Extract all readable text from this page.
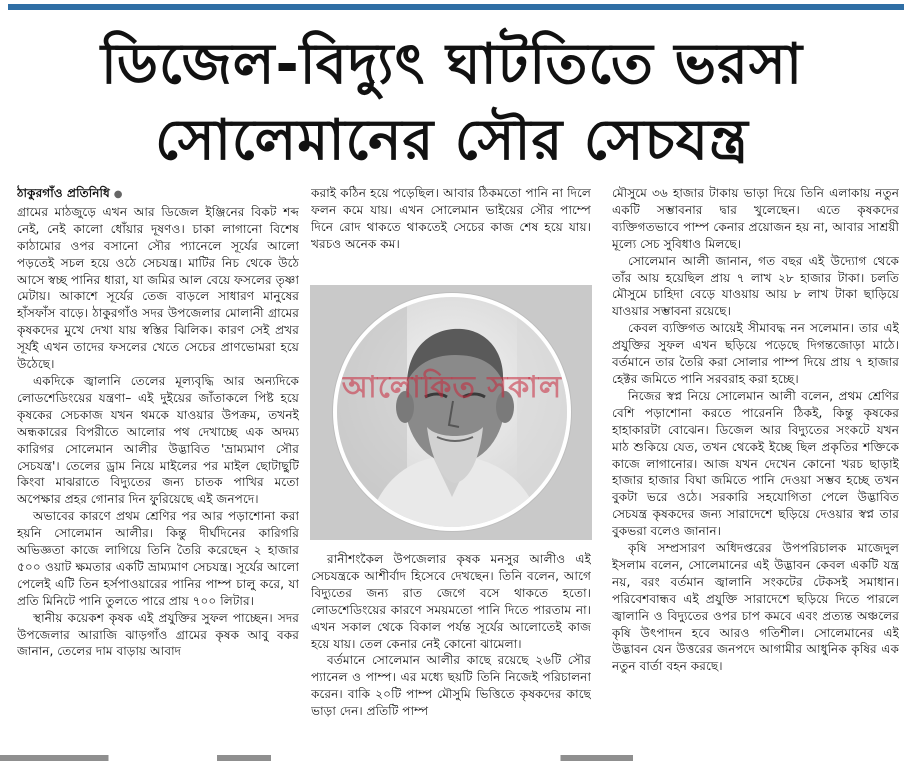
ডিজেল-বিদ্যুৎ ঘাটতিতে ভরসা
সোলেমানের সৌর সেচযন্ত্র
ঠাকুরগাঁও প্রতিনিধি ●

গ্রামের মাঠজুড়ে এখন আর ডিজেল ইঞ্জিনের বিকট শব্দ নেই, নেই কালো ধোঁয়ার দূষণও। চাকা লাগানো বিশেষ কাঠামোর ওপর বসানো সৌর প্যানেলে সূর্যের আলো পড়তেই সচল হয়ে ওঠে সেচযন্ত্র। মাটির নিচ থেকে উঠে আসে স্বচ্ছ পানির ধারা, যা জমির আল বেয়ে ফসলের তৃষ্ণা মেটায়। আকাশে সূর্যের তেজ বাড়লে সাধারণ মানুষের হাঁসফাঁস বাড়ে। ঠাকুরগাঁও সদর উপজেলার মোলানী গ্রামের কৃষকদের মুখে দেখা যায় স্বস্তির ঝিলিক। কারণ সেই প্রখর সূর্যই এখন তাদের ফসলের খেতে সেচের প্রাণভোমরা হয়ে উঠেছে।

একদিকে জ্বালানি তেলের মূল্যবৃদ্ধি আর অন্যদিকে লোডশেডিংয়ের যন্ত্রণা– এই দুইয়ের জাঁতাকলে পিষ্ট হয়ে কৃষকের সেচকাজ যখন থমকে যাওয়ার উপক্রম, তখনই অন্ধকারের বিপরীতে আলোর পথ দেখাচ্ছে এক অদম্য কারিগর সোলেমান আলীর উদ্ভাবিত 'ভ্রাম্যমাণ সৌর সেচযন্ত্র'। তেলের ড্রাম নিয়ে মাইলের পর মাইল ছোটাছুটি কিংবা মাঝরাতে বিদ্যুতের জন্য চাতক পাখির মতো অপেক্ষার প্রহর গোনার দিন ফুরিয়েছে এই জনপদে।

অভাবের কারণে প্রথম শ্রেণির পর আর পড়াশোনা করা হয়নি সোলেমান আলীর। কিন্তু দীর্ঘদিনের কারিগরি অভিজ্ঞতা কাজে লাগিয়ে তিনি তৈরি করেছেন ২ হাজার ৫০০ ওয়াট ক্ষমতার একটি ভ্রাম্যমাণ সেচযন্ত্র। সূর্যের আলো পেলেই এটি তিন হর্সপাওয়ারের পানির পাম্প চালু করে, যা প্রতি মিনিটে পানি তুলতে পারে প্রায় ৭০০ লিটার।

স্থানীয় কয়েকশ কৃষক এই প্রযুক্তির সুফল পাচ্ছেন। সদর উপজেলার আরাজি ঝাড়গাঁও গ্রামের কৃষক আবু বকর জানান, তেলের দাম বাড়ায় আবাদ

করাই কঠিন হয়ে পড়েছিল। আবার ঠিকমতো পানি না দিলে ফলন কমে যায়। এখন সোলেমান ভাইয়ের সৌর পাম্পে দিনে রোদ থাকতে থাকতেই সেচের কাজ শেষ হয়ে যায়। খরচও অনেক কম।

আলোকিত সকাল

রানীশংকৈল উপজেলার কৃষক মনসুর আলীও এই সেচযন্ত্রকে আশীর্বাদ হিসেবে দেখছেন। তিনি বলেন, আগে বিদ্যুতের জন্য রাত জেগে বসে থাকতে হতো। লোডশেডিংয়ের কারণে সময়মতো পানি দিতে পারতাম না। এখন সকাল থেকে বিকাল পর্যন্ত সূর্যের আলোতেই কাজ হয়ে যায়। তেল কেনার নেই কোনো ঝামেলা।

বর্তমানে সোলেমান আলীর কাছে রয়েছে ২৬টি সৌর প্যানেল ও পাম্প। এর মধ্যে ছয়টি তিনি নিজেই পরিচালনা করেন। বাকি ২০টি পাম্প মৌসুমি ভিত্তিতে কৃষকদের কাছে ভাড়া দেন। প্রতিটি পাম্প

মৌসুমে ৩৬ হাজার টাকায় ভাড়া দিয়ে তিনি এলাকায় নতুন একটি সম্ভাবনার দ্বার খুলেছেন। এতে কৃষকদের ব্যক্তিগতভাবে পাম্প কেনার প্রয়োজন হয় না, আবার সাশ্রয়ী মূল্যে সেচ সুবিধাও মিলছে।

সোলেমান আলী জানান, গত বছর এই উদ্যোগ থেকে তাঁর আয় হয়েছিল প্রায় ৭ লাখ ২৮ হাজার টাকা। চলতি মৌসুমে চাহিদা বেড়ে যাওয়ায় আয় ৮ লাখ টাকা ছাড়িয়ে যাওয়ার সম্ভাবনা রয়েছে।

কেবল ব্যক্তিগত আয়েই সীমাবদ্ধ নন সলেমান। তার এই প্রযুক্তির সুফল এখন ছড়িয়ে পড়েছে দিগন্তজোড়া মাঠে। বর্তমানে তার তৈরি করা সোলার পাম্প দিয়ে প্রায় ৭ হাজার হেক্টর জমিতে পানি সরবরাহ করা হচ্ছে।

নিজের স্বপ্ন নিয়ে সোলেমান আলী বলেন, প্রথম শ্রেণির বেশি পড়াশোনা করতে পারেননি ঠিকই, কিন্তু কৃষকের হাহাকারটা বোঝেন। ডিজেল আর বিদ্যুতের সংকটে যখন মাঠ শুকিয়ে যেত, তখন থেকেই ইচ্ছে ছিল প্রকৃতির শক্তিকে কাজে লাগানোর। আজ যখন দেখেন কোনো খরচ ছাড়াই হাজার হাজার বিঘা জমিতে পানি দেওয়া সম্ভব হচ্ছে তখন বুকটা ভরে ওঠে। সরকারি সহযোগিতা পেলে উদ্ভাবিত সেচযন্ত্র কৃষকদের জন্য সারাদেশে ছড়িয়ে দেওয়ার স্বপ্ন তার বুকভরা বলেও জানান।

কৃষি সম্প্রসারণ অধিদপ্তরের উপপরিচালক মাজেদুল ইসলাম বলেন, সোলেমানের এই উদ্ভাবন কেবল একটি যন্ত্র নয়, বরং বর্তমান জ্বালানি সংকটের টেকসই সমাধান। পরিবেশবান্ধব এই প্রযুক্তি সারাদেশে ছড়িয়ে দিতে পারলে জ্বালানি ও বিদ্যুতের ওপর চাপ কমবে এবং প্রত্যন্ত অঞ্চলের কৃষি উৎপাদন হবে আরও গতিশীল। সোলেমানের এই উদ্ভাবন যেন উত্তরের জনপদে আগামীর আধুনিক কৃষির এক নতুন বার্তা বহন করছে।
